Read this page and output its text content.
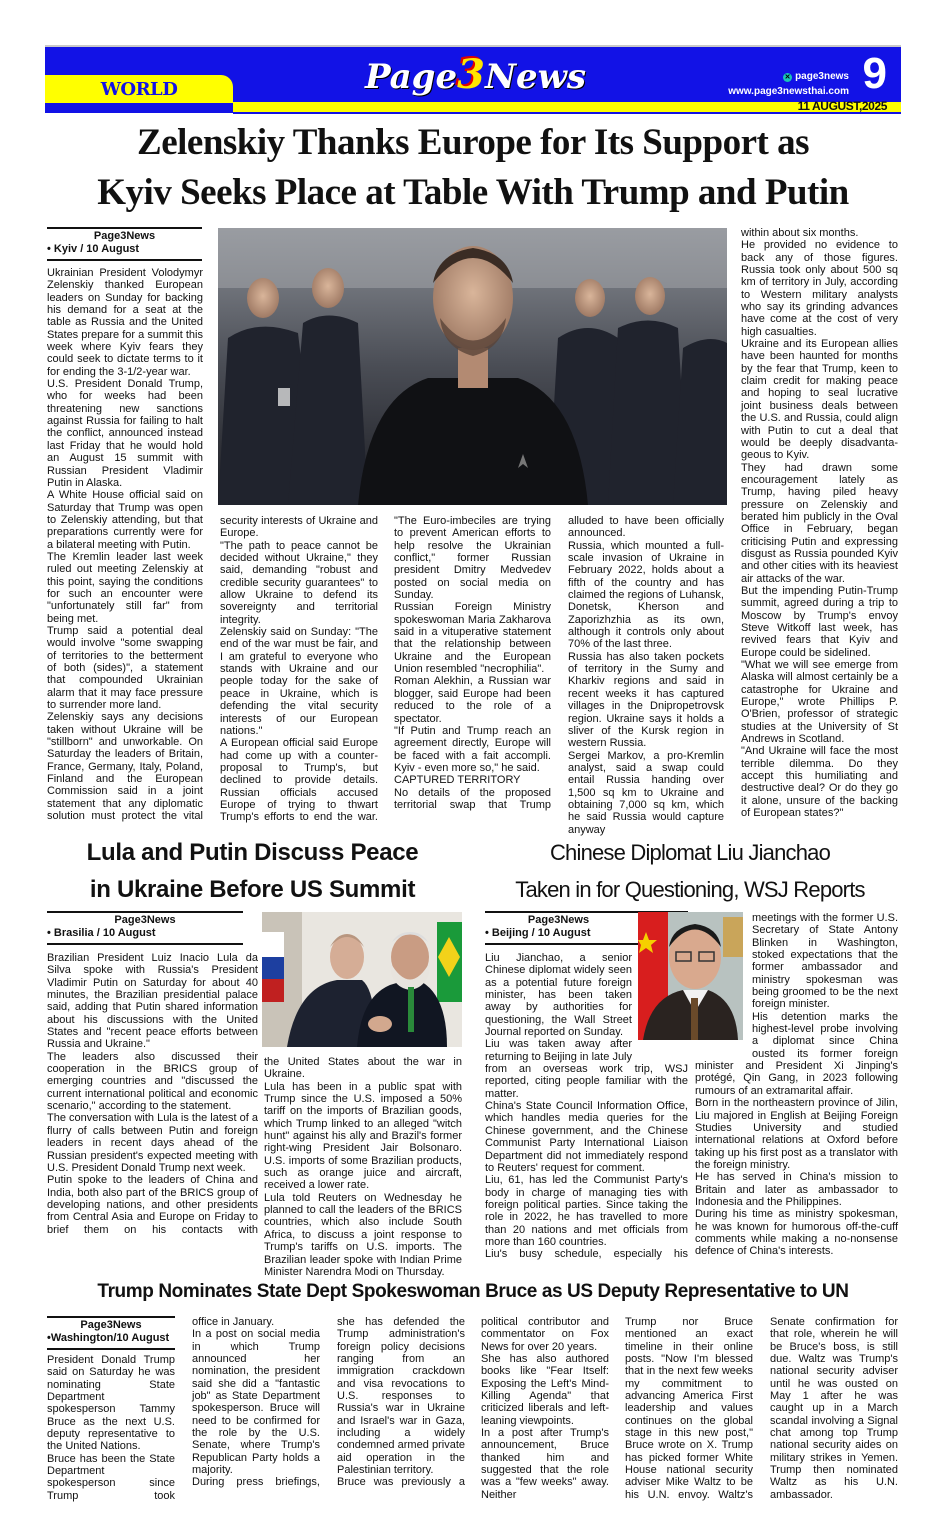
WORLD
11 AUGUST,2025
Page3News	✕ page3news
www.page3newsthai.com 9
Zelenskiy Thanks Europe for Its Support as
Kyiv Seeks Place at Table With Trump and Putin
Page3News
• Kyiv / 10 August

Ukrainian President Volodymyr Zelenskiy thanked European leaders on Sunday for backing his demand for a seat at the table as Russia and the United States prepare for a summit this week where Kyiv fears they could seek to dictate terms to it for ending the 3-1/2-year war.

U.S. President Donald Trump, who for weeks had been threatening new sanctions against Russia for failing to halt the conflict, announced instead last Friday that he would hold an August 15 summit with Russian President Vladimir Putin in Alaska.

A White House official said on Saturday that Trump was open to Zelenskiy attending, but that preparations currently were for a bilateral meeting with Putin.

The Kremlin leader last week ruled out meeting Zelenskiy at this point, saying the conditions for such an encounter were "unfortunately still far" from being met.

Trump said a potential deal would involve "some swapping of territories to the betterment of both (sides)", a statement that compounded Ukrainian alarm that it may face pressure to surrender more land.

Zelenskiy says any decisions taken without Ukraine will be "stillborn" and unworkable. On Saturday the leaders of Britain, France, Germany, Italy, Poland, Finland and the European Commission said in a joint statement that any diplomatic solution must protect the vital

security interests of Ukraine and Europe.

"The path to peace cannot be decided without Ukraine," they said, demanding "robust and credible security guarantees" to allow Ukraine to defend its sovereignty and territorial integrity.

Zelenskiy said on Sunday: "The end of the war must be fair, and I am grateful to everyone who stands with Ukraine and our people today for the sake of peace in Ukraine, which is defending the vital security interests of our European nations."

A European official said Europe had come up with a counter-proposal to Trump's, but declined to provide details. Russian officials accused Europe of trying to thwart Trump's efforts to end the war.

"The Euro-imbeciles are trying to prevent American efforts to help resolve the Ukrainian conflict," former Russian president Dmitry Medvedev posted on social media on Sunday.

Russian Foreign Ministry spokeswoman Maria Zakharova said in a vituperative statement that the relationship between Ukraine and the European Union resembled "necrophilia".

Roman Alekhin, a Russian war blogger, said Europe had been reduced to the role of a spectator.

"If Putin and Trump reach an agreement directly, Europe will be faced with a fait accompli. Kyiv - even more so," he said.

CAPTURED TERRITORY

No details of the proposed territorial swap that Trump

alluded to have been officially announced.

Russia, which mounted a full-scale invasion of Ukraine in February 2022, holds about a fifth of the country and has claimed the regions of Luhansk, Donetsk, Kherson and Zaporizhzhia as its own, although it controls only about 70% of the last three.

Russia has also taken pockets of territory in the Sumy and Kharkiv regions and said in recent weeks it has captured villages in the Dnipropetrovsk region. Ukraine says it holds a sliver of the Kursk region in western Russia.

Sergei Markov, a pro-Kremlin analyst, said a swap could entail Russia handing over 1,500 sq km to Ukraine and obtaining 7,000 sq km, which he said Russia would capture anyway

within about six months.

He provided no evidence to back any of those figures. Russia took only about 500 sq km of territory in July, according to Western military analysts who say its grinding advances have come at the cost of very high casualties.

Ukraine and its European allies have been haunted for months by the fear that Trump, keen to claim credit for making peace and hoping to seal lucrative joint business deals between the U.S. and Russia, could align with Putin to cut a deal that would be deeply disadvanta-geous to Kyiv.

They had drawn some encouragement lately as Trump, having piled heavy pressure on Zelenskiy and berated him publicly in the Oval Office in February, began criticising Putin and expressing disgust as Russia pounded Kyiv and other cities with its heaviest air attacks of the war.

But the impending Putin-Trump summit, agreed during a trip to Moscow by Trump's envoy Steve Witkoff last week, has revived fears that Kyiv and Europe could be sidelined.

"What we will see emerge from Alaska will almost certainly be a catastrophe for Ukraine and Europe," wrote Phillips P. O'Brien, professor of strategic studies at the University of St Andrews in Scotland.

"And Ukraine will face the most terrible dilemma. Do they accept this humiliating and destructive deal? Or do they go it alone, unsure of the backing of European states?"

Lula and Putin Discuss Peace
in Ukraine Before US Summit
Page3News
• Brasilia / 10 August

Brazilian President Luiz Inacio Lula da Silva spoke with Russia's President Vladimir Putin on Saturday for about 40 minutes, the Brazilian presidential palace said, adding that Putin shared information about his discussions with the United States and "recent peace efforts between Russia and Ukraine."

The leaders also discussed their cooperation in the BRICS group of emerging countries and "discussed the current international political and economic scenario," according to the statement.

The conversation with Lula is the latest of a flurry of calls between Putin and foreign leaders in recent days ahead of the Russian president's expected meeting with U.S. President Donald Trump next week.

Putin spoke to the leaders of China and India, both also part of the BRICS group of developing nations, and other presidents from Central Asia and Europe on Friday to brief them on his contacts with

the United States about the war in Ukraine.

Lula has been in a public spat with Trump since the U.S. imposed a 50% tariff on the imports of Brazilian goods, which Trump linked to an alleged "witch hunt" against his ally and Brazil's former right-wing President Jair Bolsonaro. U.S. imports of some Brazilian products, such as orange juice and aircraft, received a lower rate.

Lula told Reuters on Wednesday he planned to call the leaders of the BRICS countries, which also include South Africa, to discuss a joint response to Trump's tariffs on U.S. imports. The Brazilian leader spoke with Indian Prime Minister Narendra Modi on Thursday.

Chinese Diplomat Liu Jianchao
Taken in for Questioning, WSJ Reports
Page3News
• Beijing / 10 August

Liu Jianchao, a senior Chinese diplomat widely seen as a potential future foreign minister, has been taken away by authorities for questioning, the Wall Street Journal reported on Sunday.

Liu was taken away after returning to Beijing in late July from an overseas work trip, WSJ reported, citing people familiar with the matter.

China's State Council Information Office, which handles media queries for the Chinese government, and the Chinese Communist Party International Liaison Department did not immediately respond to Reuters' request for comment.

Liu, 61, has led the Communist Party's body in charge of managing ties with foreign political parties. Since taking the role in 2022, he has travelled to more than 20 nations and met officials from more than 160 countries.

Liu's busy schedule, especially his

meetings with the former U.S. Secretary of State Antony Blinken in Washington, stoked expectations that the former ambassador and ministry spokesman was being groomed to be the next foreign minister.

His detention marks the highest-level probe involving a diplomat since China ousted its former foreign minister and President Xi Jinping's protégé, Qin Gang, in 2023 following rumours of an extramarital affair.

Born in the northeastern province of Jilin, Liu majored in English at Beijing Foreign Studies University and studied international relations at Oxford before taking up his first post as a translator with the foreign ministry.

He has served in China's mission to Britain and later as ambassador to Indonesia and the Philippines.

During his time as ministry spokesman, he was known for humorous off-the-cuff comments while making a no-nonsense defence of China's interests.

Trump Nominates State Dept Spokeswoman Bruce as US Deputy Representative to UN
Page3News
•Washington/10 August

President Donald Trump said on Saturday he was nominating State Department spokesperson Tammy Bruce as the next U.S. deputy representative to the United Nations.

Bruce has been the State Department spokesperson since Trump took

office in January.

In a post on social media in which Trump announced her nomination, the president said she did a "fantastic job" as State Department spokesperson. Bruce will need to be confirmed for the role by the U.S. Senate, where Trump's Republican Party holds a majority.

During press briefings,

she has defended the Trump administration's foreign policy decisions ranging from an immigration crackdown and visa revocations to U.S. responses to Russia's war in Ukraine and Israel's war in Gaza, including a widely condemned armed private aid operation in the Palestinian territory.

Bruce was previously a

political contributor and commentator on Fox News for over 20 years.

She has also authored books like "Fear Itself: Exposing the Left's Mind-Killing Agenda" that criticized liberals and left-leaning viewpoints.

In a post after Trump's announcement, Bruce thanked him and suggested that the role was a "few weeks" away. Neither

Trump nor Bruce mentioned an exact timeline in their online posts. "Now I'm blessed that in the next few weeks my commitment to advancing America First leadership and values continues on the global stage in this new post," Bruce wrote on X. Trump has picked former White House national security adviser Mike Waltz to be his U.N. envoy. Waltz's

Senate confirmation for that role, wherein he will be Bruce's boss, is still due. Waltz was Trump's national security adviser until he was ousted on May 1 after he was caught up in a March scandal involving a Signal chat among top Trump national security aides on military strikes in Yemen. Trump then nominated Waltz as his U.N. ambassador.
